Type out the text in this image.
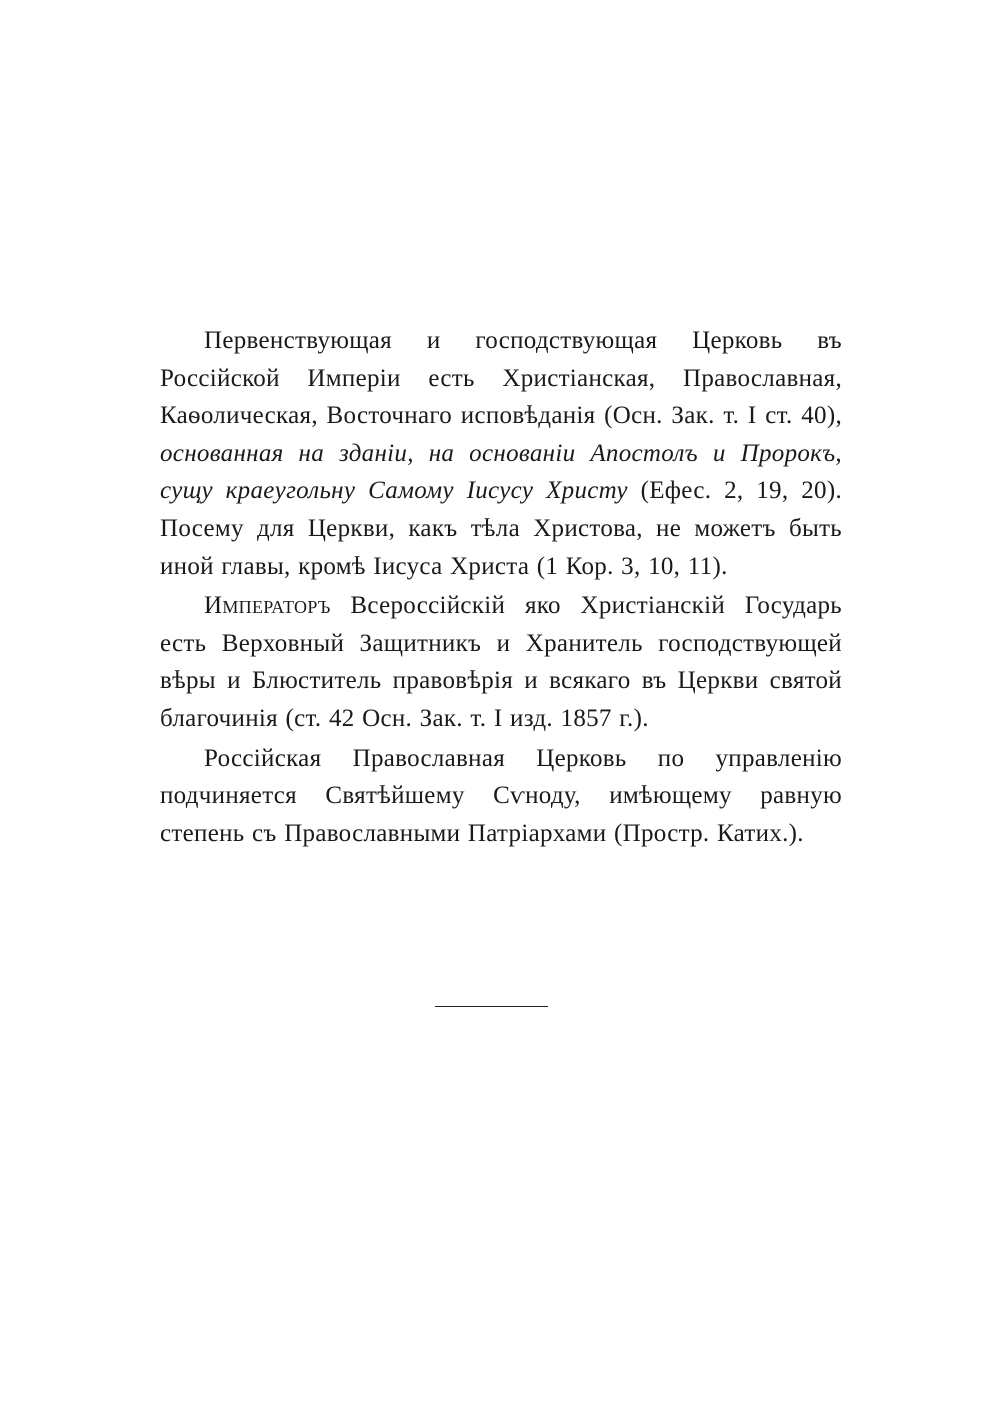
Первенствующая и господствующая Церковь въ Россійской Имперіи есть Христіанская, Православная, Каѳолическая, Восточнаго исповѣданія (Осн. Зак. т. I ст. 40), основанная на зданіи, на основаніи Апостолъ и Пророкъ, сущу краеугольну Самому Іисусу Христу (Ефес. 2, 19, 20). Посему для Церкви, какъ тѣла Христова, не можетъ быть иной главы, кромѣ Іисуса Христа (1 Кор. 3, 10, 11).

Императоръ Всероссійскій яко Христіанскій Государь есть Верховный Защитникъ и Хранитель господствующей вѣры и Блюститель правовѣрія и всякаго въ Церкви святой благочинія (ст. 42 Осн. Зак. т. I изд. 1857 г.).

Россійская Православная Церковь по управленію подчиняется Святѣйшему Сѵноду, имѣющему равную степень съ Православными Патріархами (Простр. Катих.).
